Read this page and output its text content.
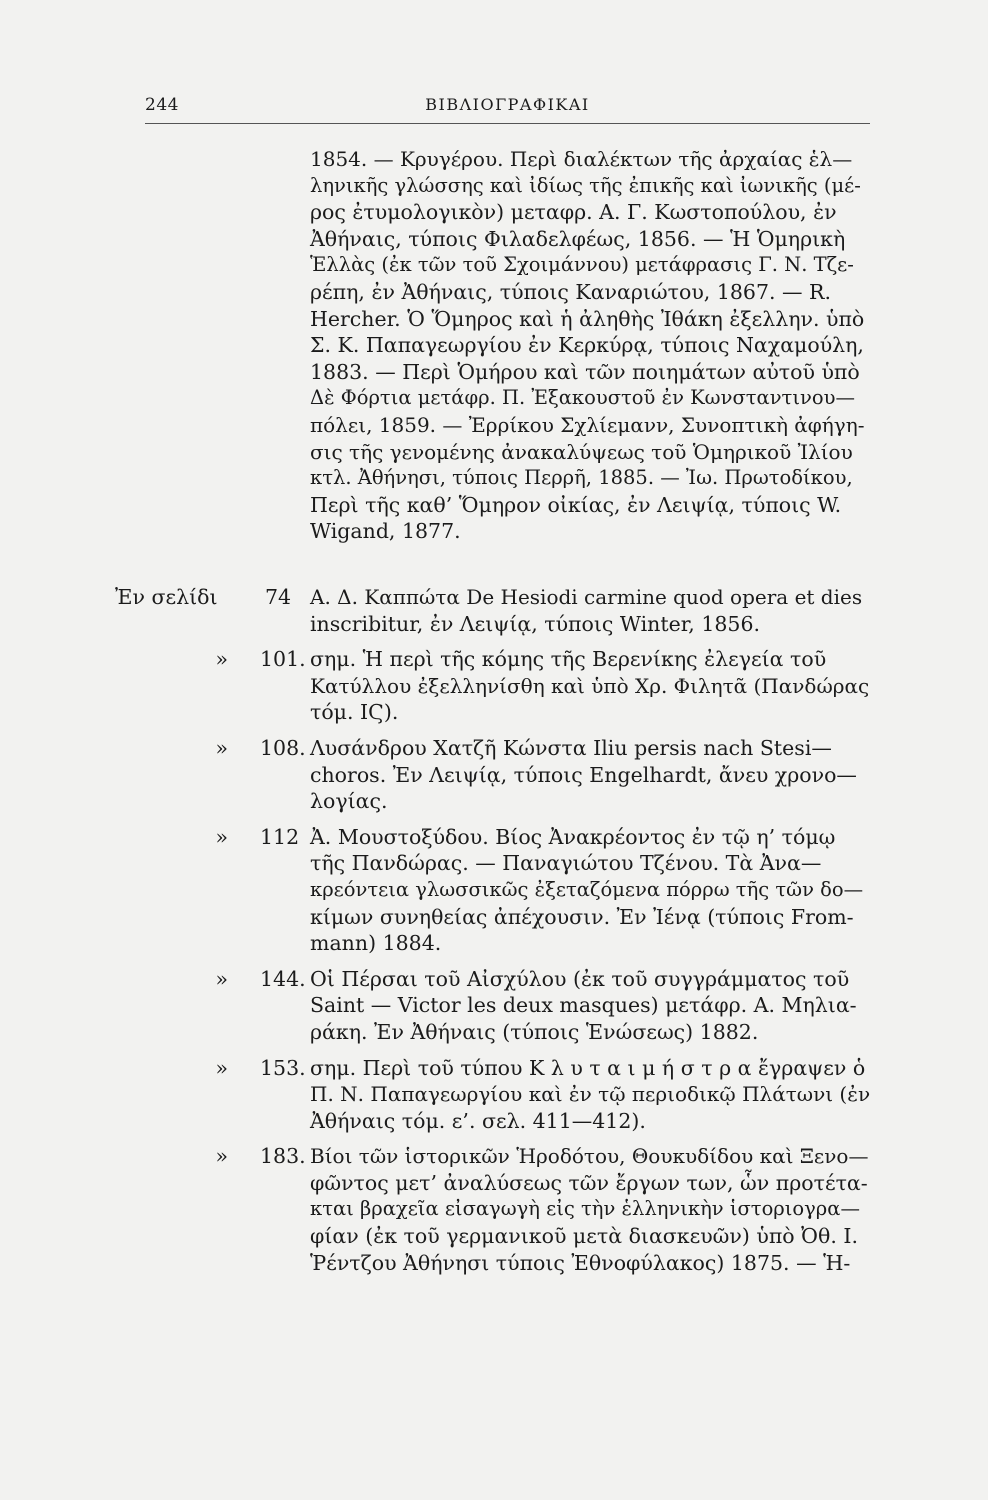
244	ΒΙΒΛΙΟΓΡΑΦΙΚΑΙ
1854. — Κρυγέρου. Περὶ διαλέκτων τῆς ἀρχαίας ἑλ—
ληνικῆς γλώσσης καὶ ἰδίως τῆς ἐπικῆς καὶ ἰωνικῆς (μέ-
ρος ἐτυμολογικὸν) μεταφρ. Α. Γ. Κωστοπούλου, ἐν
Ἀθήναις, τύποις Φιλαδελφέως, 1856. — Ἡ Ὁμηρικὴ
Ἑλλὰς (ἐκ τῶν τοῦ Σχοιμάννου) μετάφρασις Γ. Ν. Τζε-
ρέπη, ἐν Ἀθήναις, τύποις Καναριώτου, 1867. — R.
Hercher. Ὁ Ὅμηρος καὶ ἡ ἀληθὴς Ἰθάκη ἐξελλην. ὑπὸ
Σ. Κ. Παπαγεωργίου ἐν Κερκύρᾳ, τύποις Ναχαμούλη,
1883. — Περὶ Ὁμήρου καὶ τῶν ποιημάτων αὐτοῦ ὑπὸ
Δὲ Φόρτια μετάφρ. Π. Ἐξακουστοῦ ἐν Κωνσταντινου—
πόλει, 1859. — Ἐρρίκου Σχλίεμανν, Συνοπτικὴ ἀφήγη-
σις τῆς γενομένης ἀνακαλύψεως τοῦ Ὁμηρικοῦ Ἰλίου
κτλ. Ἀθήνησι, τύποις Περρῆ, 1885. — Ἰω. Πρωτοδίκου,
Περὶ τῆς καθ’ Ὅμηρον οἰκίας, ἐν Λειψίᾳ, τύποις W.
Wigand, 1877.
Ἐν σελίδι 74 Α. Δ. Καππώτα De Hesiodi carmine quod opera et dies
inscribitur, ἐν Λειψίᾳ, τύποις Winter, 1856.
» 101. σημ. Ἡ περὶ τῆς κόμης τῆς Βερενίκης ἐλεγεία τοῦ
Κατύλλου ἐξελληνίσθη καὶ ὑπὸ Χρ. Φιλητᾶ (Πανδώρας
τόμ. ΙϚ).
» 108. Λυσάνδρου Χατζῆ Κώνστα Iliu persis nach Stesi—
choros. Ἐν Λειψίᾳ, τύποις Engelhardt, ἄνευ χρονο—
λογίας.
» 112 Ἀ. Μουστοξύδου. Βίος Ἀνακρέοντος ἐν τῷ η’ τόμῳ
τῆς Πανδώρας. — Παναγιώτου Τζένου. Τὰ Ἀνα—
κρεόντεια γλωσσικῶς ἐξεταζόμενα πόρρω τῆς τῶν δο—
κίμων συνηθείας ἀπέχουσιν. Ἐν Ἰένᾳ (τύποις From-
mann) 1884.
» 144. Οἱ Πέρσαι τοῦ Αἰσχύλου (ἐκ τοῦ συγγράμματος τοῦ
Saint — Victor les deux masques) μετάφρ. Α. Μηλια-
ράκη. Ἐν Ἀθήναις (τύποις Ἑνώσεως) 1882.
» 153. σημ. Περὶ τοῦ τύπου Κ λ υ τ α ι μ ή σ τ ρ α ἔγραψεν ὁ
Π. Ν. Παπαγεωργίου καὶ ἐν τῷ περιοδικῷ Πλάτωνι (ἐν
Ἀθήναις τόμ. ε’. σελ. 411—412).
» 183. Βίοι τῶν ἱστορικῶν Ἡροδότου, Θουκυδίδου καὶ Ξενο—
φῶντος μετ’ ἀναλύσεως τῶν ἔργων των, ὧν προτέτα-
κται βραχεῖα εἰσαγωγὴ εἰς τὴν ἑλληνικὴν ἱστοριογρα—
φίαν (ἐκ τοῦ γερμανικοῦ μετὰ διασκευῶν) ὑπὸ Ὀθ. Ι.
Ῥέντζου Ἀθήνησι τύποις Ἐθνοφύλακος) 1875. — Ἡ-
